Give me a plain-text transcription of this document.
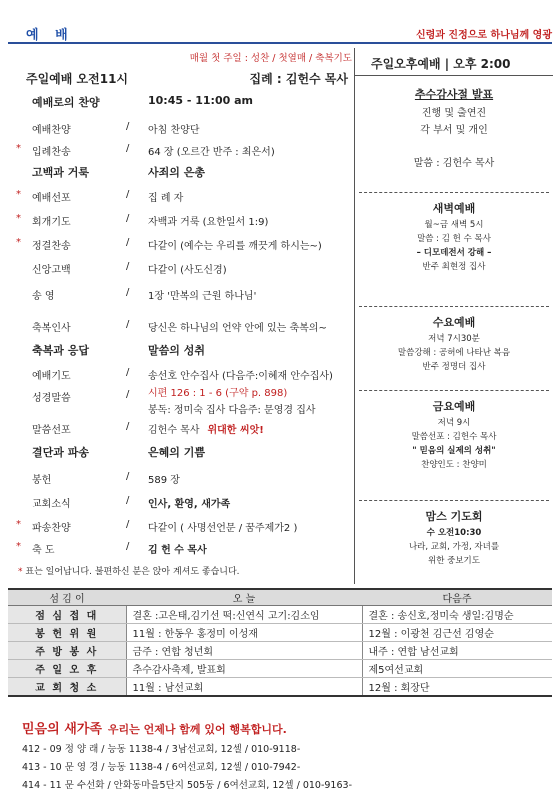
예 배	신령과 진정으로 하나님께 영광
매월 첫 주일 : 성찬 / 첫열매 / 축복기도
주일예배 오전11시	집례 : 김헌수 목사
예배로의 찬양	10:45 - 11:00 am
예배찬양	/ 아침 찬양단
* 입례찬송	/ 64 장 (오르간 반주 : 최은서)
고백과 거룩	사죄의 은총
* 예배선포	/ 집 례 자
* 회개기도	/ 자백과 거룩 (요한일서 1:9)
* 정결찬송	/ 다같이 (예수는 우리를 깨끗게 하시는~)
신앙고백	/ 다같이 (사도신경)
송 영	/ 1장 '만복의 근원 하나님'
축복인사	/ 당신은 하나님의 언약 안에 있는 축복의~
축복과 응답	말씀의 성취
예배기도	/ 송선호 안수집사 (다음주:이혜재 안수집사)
성경말씀	/ 시편 126 : 1 - 6 (구약 p. 898)
봉독: 정미숙 집사 다음주: 문영경 집사
말씀선포	/ 김헌수 목사 위대한 씨앗!
결단과 파송	은혜의 기쁨
봉헌	/ 589 장
교회소식	/ 인사, 환영, 새가족
* 파송찬양	/ 다같이 ( 사명선언문 / 꿈주제가2 )
* 축 도	/ 김 헌 수 목사
* 표는 일어납니다. 불편하신 분은 앉아 계셔도 좋습니다.
주일오후예배 | 오후 2:00
추수감사절 발표
진행 및 출연진
각 부서 및 개인
말씀 : 김헌수 목사
새벽예배
월~금 새벽 5시
말씀 : 김 헌 수 목사
– 디모데전서 강해 –
반주 최현정 집사
수요예배
저녁 7시30분
말씀강해 : 공허에 나타난 복음
반주 정명더 집사
금요예배
저녁 9시
말씀선포 : 김헌수 목사
" 믿음의 실제의 성취"
찬양인도 : 찬양미
맘스 기도회
수 오전10:30
나라, 교회, 가정, 자녀를
위한 중보기도
섬 김 이	오 늘	다음주
점 심 접 대	결혼 :고은태,김기선 떡:신연식 고기:김소임	결혼 : 송신호,정미숙 생일:김명순
봉 헌 위 원	11월 : 한동우 홍정미 이성재	12월 : 이광천 김근선 김영순
주 방 봉 사	금주 : 연합 청년회	내주 : 연합 남선교회
주 일 오 후	추수감사축제, 발표회	제5여선교회
교 회 청 소	11월 : 남선교회	12월 : 회장단
믿음의 새가족 우리는 언제나 함께 있어 행복합니다.
412 - 09 정 양 래 / 능동 1138-4 / 3남선교회, 12셀 / 010-9118-
413 - 10 문 영 경 / 능동 1138-4 / 6여선교회, 12셀 / 010-7942-
414 - 11 문 수선화 / 안화동마을5단지 505동 / 6여선교회, 12셀 / 010-9163-
